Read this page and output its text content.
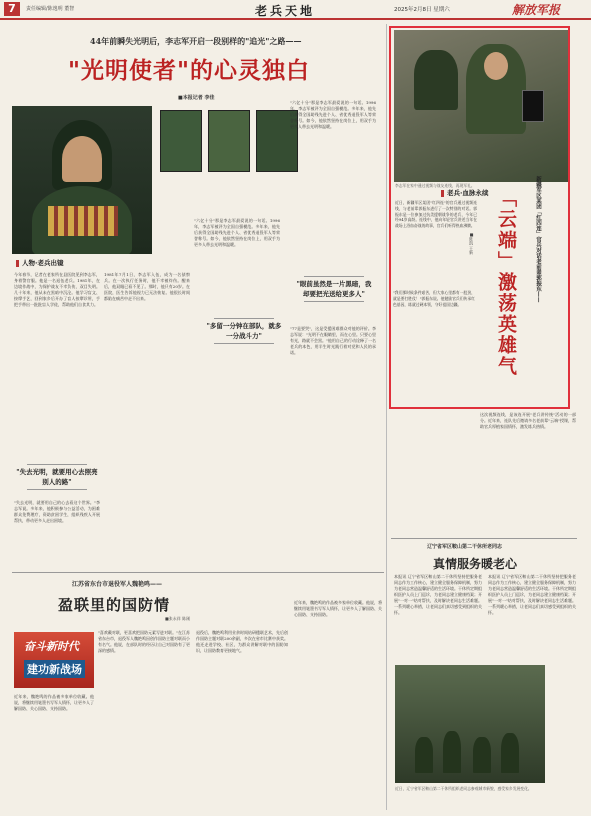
7	责任编辑/陈逸明 董智	老兵天地	2025年2月8日 星期六	解放军报
44年前瞬失光明后，李志军开启一段别样的"追光"之路——
"光明使者"的心灵独白
■本报记者 李佳
人物·老兵出镜
今年春节，记者在老家所在县医院见到李志军，身着警官服。他是一名退伍老兵。1981年，在边境作战中，为保护战友不幸负伤，双目失明。几十年来，他从未在黑暗中沉沦。他学习盲文、按摩手艺，回到家乡后开办了盲人按摩诊所，手把手带出一批批盲人学徒，帮助他们自食其力。
1981年7月1日，李志军入伍，成为一名侦察兵。在一次执行任务时，他不幸被炸伤。醒来后，他双眼已看不见了。那时，他只有20岁。在医院，医生告诉他视力已无法恢复。他很长时间都陷在痛苦中走不出来。
"失去光明，就要用心去照亮别人的路"
"失去光明，就要用自己的心去看这个世界。"李志军说。多年来，他积极参与公益活动，为困难群众免费理疗，资助贫困学生，组织残疾人开展帮扶，带动更多人走出困境。
"六亿十分"那是李志军最爱说的一句话。1996年，李志军被评为全国自强模范。多年来，他先后获得全国助残先进个人、省优秀退役军人等荣誉称号。如今，他依然坚持在岗位上，用双手为更多人带去光明和温暖。
"多留一分钟在部队，就多一分战斗力"
"六亿十分"那是李志军最爱说的一句话。1996年，李志军被评为全国自强模范。多年来，他先后获得全国助残先进个人、省优秀退役军人等荣誉称号。如今，他依然坚持在岗位上，用双手为更多人带去光明和温暖。
"眼前虽然是一片黑暗，我却要把光送给更多人"
"77是要哭"，这是受援困难群众对他的评价。李志军说："光明不在眼睛里，而在心里。只要心里有光，路就不会黑。"他用自己的行动诠释了一名老兵的本色，用半生时光践行着对党和人民的承诺。
李志军在家中通过视频与战友连线，再现军礼。
老兵·血脉永续
近日，新疆军区某团"红四连"的官兵通过视频连线，与老前辈郭振东进行了一次特别的对话。郭振东是一位参加过抗美援朝战争的老兵，今年已经94岁高龄。连线中，他向年轻官兵讲述当年在战场上浴血奋战的故事，官兵们听得热血沸腾。
"我们那时候条件艰苦，但大家心里都有一股劲，就是要打胜仗！"郭振东说。他勉励官兵们传承红色基因，练就过硬本领，守好祖国边疆。
新疆军区某团「红四连」官兵对话老前辈郭振东——
「云端」激荡英雄气
■陈凯 王新
这次视频连线，是该连开展"老兵讲传统"活动的一部分。近年来，连队先后邀请多名老前辈"云端"授课，帮助官兵厚植家国情怀，激发练兵热情。
辽宁省军区鞍山第二干休所老同志
真情服务暖老心
本报讯 辽宁省军区鞍山第二干休所坚持把服务老同志作为工作核心，建立健全服务保障机制，努力为老同志营造温馨舒适的生活环境。干休所定期组织医护人员上门巡诊，为老同志建立健康档案；开展"一对一"结对帮扶，及时解决老同志生活难题。一系列暖心举措，让老同志们真切感受到组织的关怀。
本报讯 辽宁省军区鞍山第二干休所坚持把服务老同志作为工作核心，建立健全服务保障机制，努力为老同志营造温馨舒适的生活环境。干休所定期组织医护人员上门巡诊，为老同志建立健康档案；开展"一对一"结对帮扶，及时解决老同志生活难题。一系列暖心举措，让老同志们真切感受到组织的关怀。
近日，辽宁省军区鞍山第二干休所组织老同志参观城市新貌，感受家乡发展变化。
江苏省东台市退役军人魏艳鸣——
盈联里的国防情
■张永祥 陈刚
奋斗新时代
建功新战场
"喜欢戴对联，更喜欢把国防元素写进对联。"在江苏省东台市，退役军人魏艳鸣因创作国防主题对联而小有名气。他说，在部队时的经历让自己对国防有了更深的感情。
近年来，魏艳鸣的作品被多家单位收藏。他说，将继续用笔墨书写军人情怀，让更多人了解国防、关心国防、支持国防。
退役后，魏艳鸣利用业余时间钻研楹联艺术，先后创作国防主题对联200余副，多次在省市比赛中获奖。他还走进学校、社区，为群众讲解对联中的国防知识，让国防教育更接地气。
近年来，魏艳鸣的作品被多家单位收藏。他说，将继续用笔墨书写军人情怀，让更多人了解国防、关心国防、支持国防。
